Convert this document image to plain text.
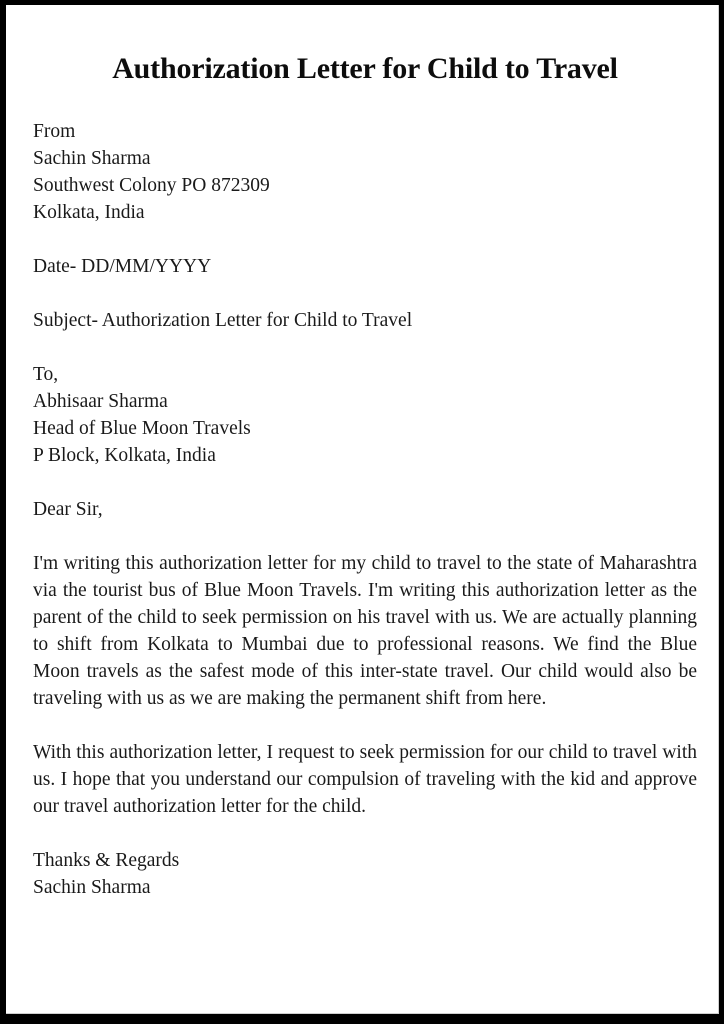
Authorization Letter for Child to Travel
From
Sachin Sharma
Southwest Colony PO 872309
Kolkata, India
Date- DD/MM/YYYY
Subject- Authorization Letter for Child to Travel
To,
Abhisaar Sharma
Head of Blue Moon Travels
P Block, Kolkata, India
Dear Sir,

I'm writing this authorization letter for my child to travel to the state of Maharashtra via the tourist bus of Blue Moon Travels. I'm writing this authorization letter as the parent of the child to seek permission on his travel with us. We are actually planning to shift from Kolkata to Mumbai due to professional reasons. We find the Blue Moon travels as the safest mode of this inter-state travel. Our child would also be traveling with us as we are making the permanent shift from here.

With this authorization letter, I request to seek permission for our child to travel with us. I hope that you understand our compulsion of traveling with the kid and approve our travel authorization letter for the child.

Thanks & Regards
Sachin Sharma
